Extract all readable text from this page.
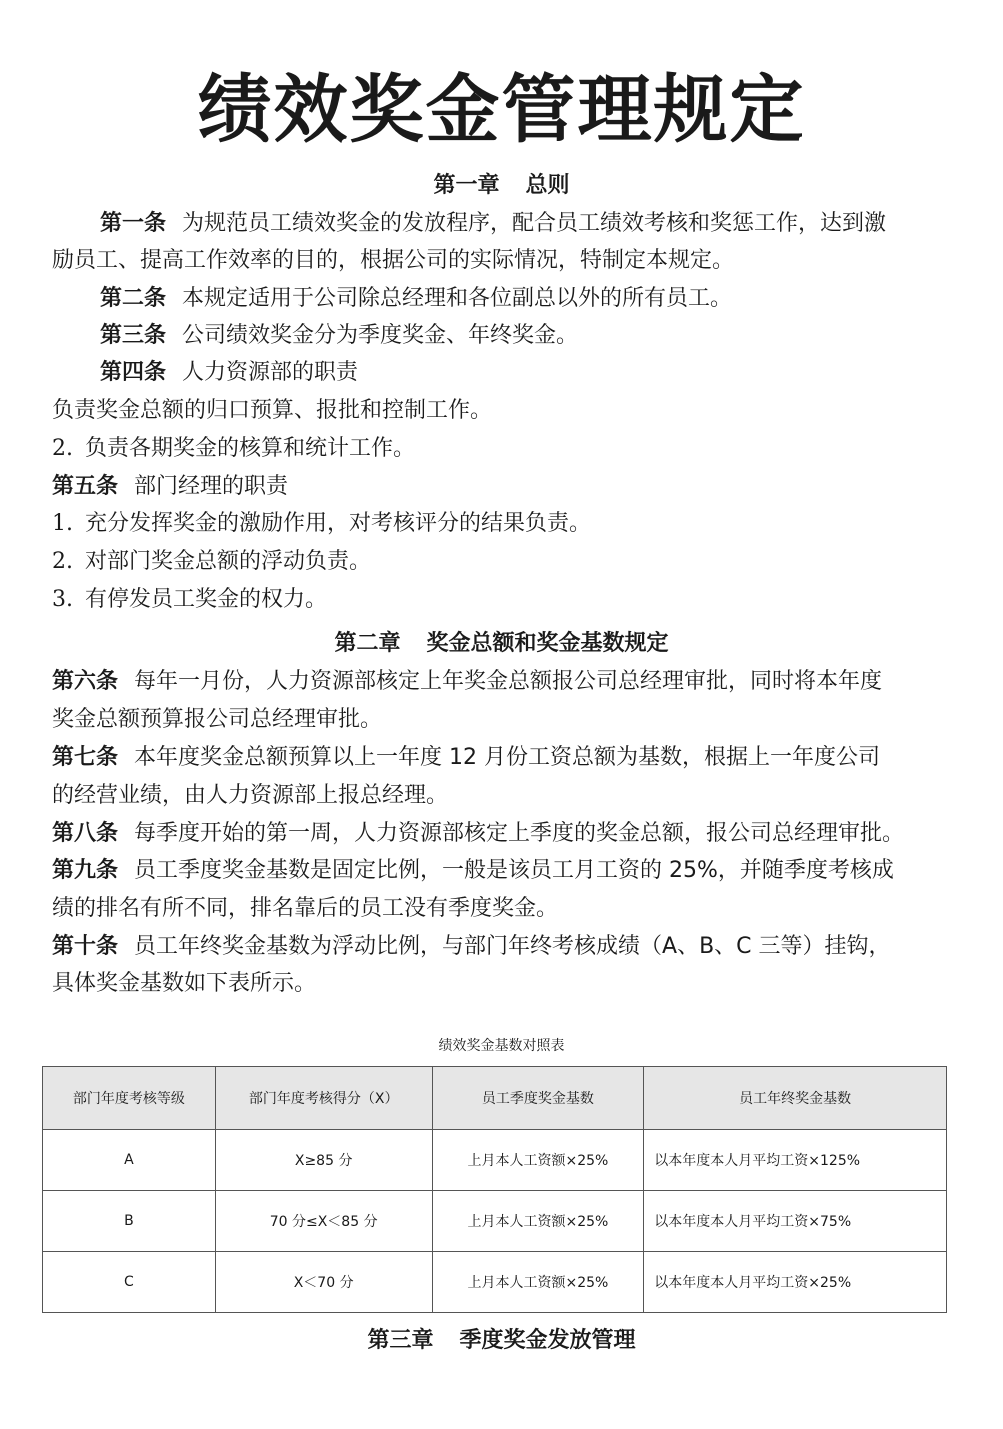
绩效奖金管理规定
第一章 总则
第一条 为规范员工绩效奖金的发放程序，配合员工绩效考核和奖惩工作，达到激
励员工、提高工作效率的目的，根据公司的实际情况，特制定本规定。
第二条 本规定适用于公司除总经理和各位副总以外的所有员工。
第三条 公司绩效奖金分为季度奖金、年终奖金。
第四条 人力资源部的职责
负责奖金总额的归口预算、报批和控制工作。
2. 负责各期奖金的核算和统计工作。
第五条 部门经理的职责
1. 充分发挥奖金的激励作用，对考核评分的结果负责。
2. 对部门奖金总额的浮动负责。
3. 有停发员工奖金的权力。
第二章 奖金总额和奖金基数规定
第六条 每年一月份，人力资源部核定上年奖金总额报公司总经理审批，同时将本年度
奖金总额预算报公司总经理审批。
第七条 本年度奖金总额预算以上一年度 12 月份工资总额为基数，根据上一年度公司
的经营业绩，由人力资源部上报总经理。
第八条 每季度开始的第一周，人力资源部核定上季度的奖金总额，报公司总经理审批。
第九条 员工季度奖金基数是固定比例，一般是该员工月工资的 25%，并随季度考核成
绩的排名有所不同，排名靠后的员工没有季度奖金。
第十条 员工年终奖金基数为浮动比例，与部门年终考核成绩（A、B、C 三等）挂钩，
具体奖金基数如下表所示。
绩效奖金基数对照表
部门年度考核等级	部门年度考核得分（X）	员工季度奖金基数	员工年终奖金基数
A	X≥85 分	上月本人工资额×25%	以本年度本人月平均工资×125%
B	70 分≤X＜85 分	上月本人工资额×25%	以本年度本人月平均工资×75%
C	X＜70 分	上月本人工资额×25%	以本年度本人月平均工资×25%
第三章 季度奖金发放管理
